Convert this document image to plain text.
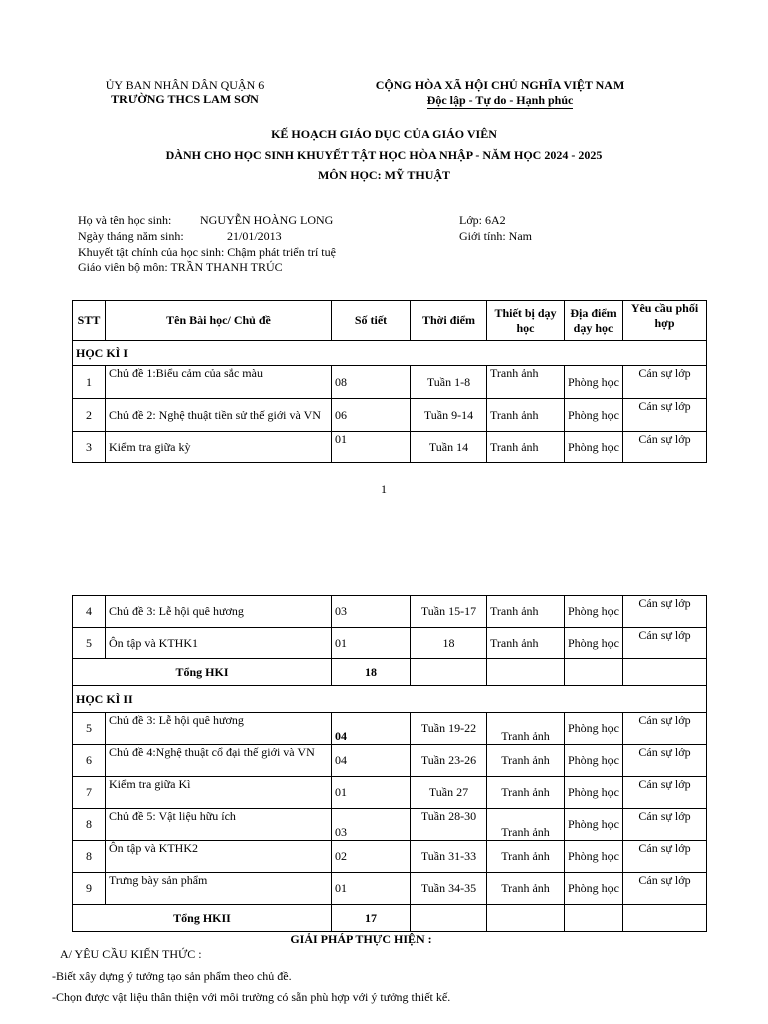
ỦY BAN NHÂN DÂN QUẬN 6
TRƯỜNG THCS LAM SƠN
CỘNG HÒA XÃ HỘI CHỦ NGHĨA VIỆT NAM
Độc lập - Tự do - Hạnh phúc
KẾ HOẠCH GIÁO DỤC CỦA GIÁO VIÊN
DÀNH CHO HỌC SINH KHUYẾT TẬT HỌC HÒA NHẬP - NĂM HỌC 2024 - 2025
MÔN HỌC: MỸ THUẬT
Họ và tên học sinh: NGUYỄN HOÀNG LONG
Ngày tháng năm sinh:	21/01/2013
Khuyết tật chính của học sinh: Chậm phát triển trí tuệ
Giáo viên bộ môn: TRẦN THANH TRÚC
Lớp: 6A2
Giới tính: Nam
STT	Tên Bài học/ Chủ đề	Số tiết	Thời điểm	Thiết bị dạy học	Địa điểm dạy học	Yêu cầu phối hợp
HỌC KÌ I						
1	Chủ đề 1:Biểu cảm của sắc màu	08	Tuần 1-8	Tranh ảnh	Phòng học	Cán sự lớp
2	Chủ đề 2: Nghệ thuật tiền sử thế giới và VN	06	Tuần 9-14	Tranh ảnh	Phòng học	Cán sự lớp
3	Kiểm tra giữa kỳ	01	Tuần 14	Tranh ảnh	Phòng học	Cán sự lớp
1
4	Chủ đề 3: Lễ hội quê hương	03	Tuần 15-17	Tranh ảnh	Phòng học	Cán sự lớp
5	Ôn tập và KTHK1	01	18	Tranh ảnh	Phòng học	Cán sự lớp
Tổng HKI		18				
HỌC KÌ II						
5	Chủ đề 3: Lễ hội quê hương	04	Tuần 19-22	Tranh ảnh	Phòng học	Cán sự lớp
6	Chủ đề 4:Nghệ thuật cổ đại thế giới và VN	04	Tuần 23-26	Tranh ảnh	Phòng học	Cán sự lớp
7	Kiểm tra giữa Kì	01	Tuần 27	Tranh ảnh	Phòng học	Cán sự lớp
8	Chủ đề 5: Vật liệu hữu ích	03	Tuần 28-30	Tranh ảnh	Phòng học	Cán sự lớp
8	Ôn tập và KTHK2	02	Tuần 31-33	Tranh ảnh	Phòng học	Cán sự lớp
9	Trưng bày sản phẩm	01	Tuần 34-35	Tranh ảnh	Phòng học	Cán sự lớp
Tổng HKII		17				
GIẢI PHÁP THỰC HIỆN :
A/ YÊU CẦU KIẾN THỨC :
-Biết xây dựng ý tưởng tạo sản phẩm theo chủ đề.
-Chọn được vật liệu thân thiện với môi trường có sẵn phù hợp với ý tưởng thiết kế.
